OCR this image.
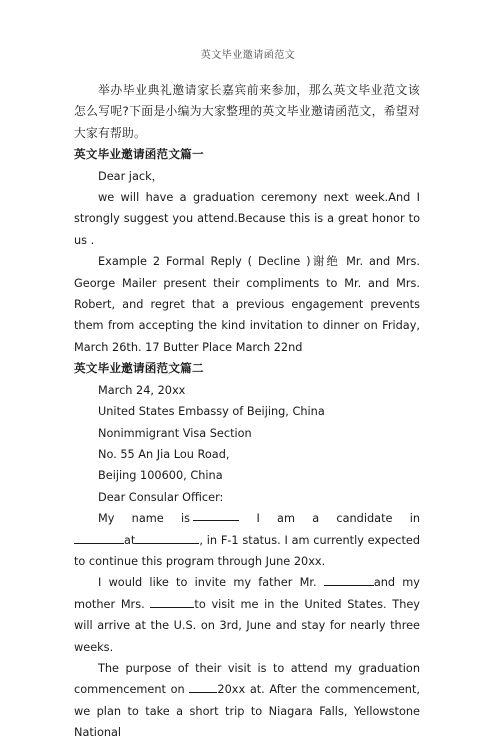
英文毕业邀请函范文

举办毕业典礼邀请家长嘉宾前来参加，那么英文毕业范文该怎么写呢?下面是小编为大家整理的英文毕业邀请函范文，希望对大家有帮助。

英文毕业邀请函范文篇一

Dear jack，

we will have a graduation ceremony next week.And I strongly suggest you attend.Because this is a great honor to us .

Example 2 Formal Reply ( Decline )谢绝 Mr. and Mrs. George Mailer present their compliments to Mr. and Mrs. Robert, and regret that a previous engagement prevents them from accepting the kind invitation to dinner on Friday, March 26th. 17 Butter Place March 22nd

英文毕业邀请函范文篇二

March 24, 20xx

United States Embassy of Beijing, China

Nonimmigrant Visa Section

No. 55 An Jia Lou Road,

Beijing 100600, China

Dear Consular Officer:

My name is	I am a candidate in

at	, in F-1 status. I am currently expected to continue this program through June 20xx.

I would like to invite my father Mr.	and my mother Mrs.	to visit me in the United States. They will arrive at the U.S. on 3rd, June and stay for nearly three weeks.

The purpose of their visit is to attend my graduation commencement on	20xx at. After the commencement, we plan to take a short trip to Niagara Falls, Yellowstone National
